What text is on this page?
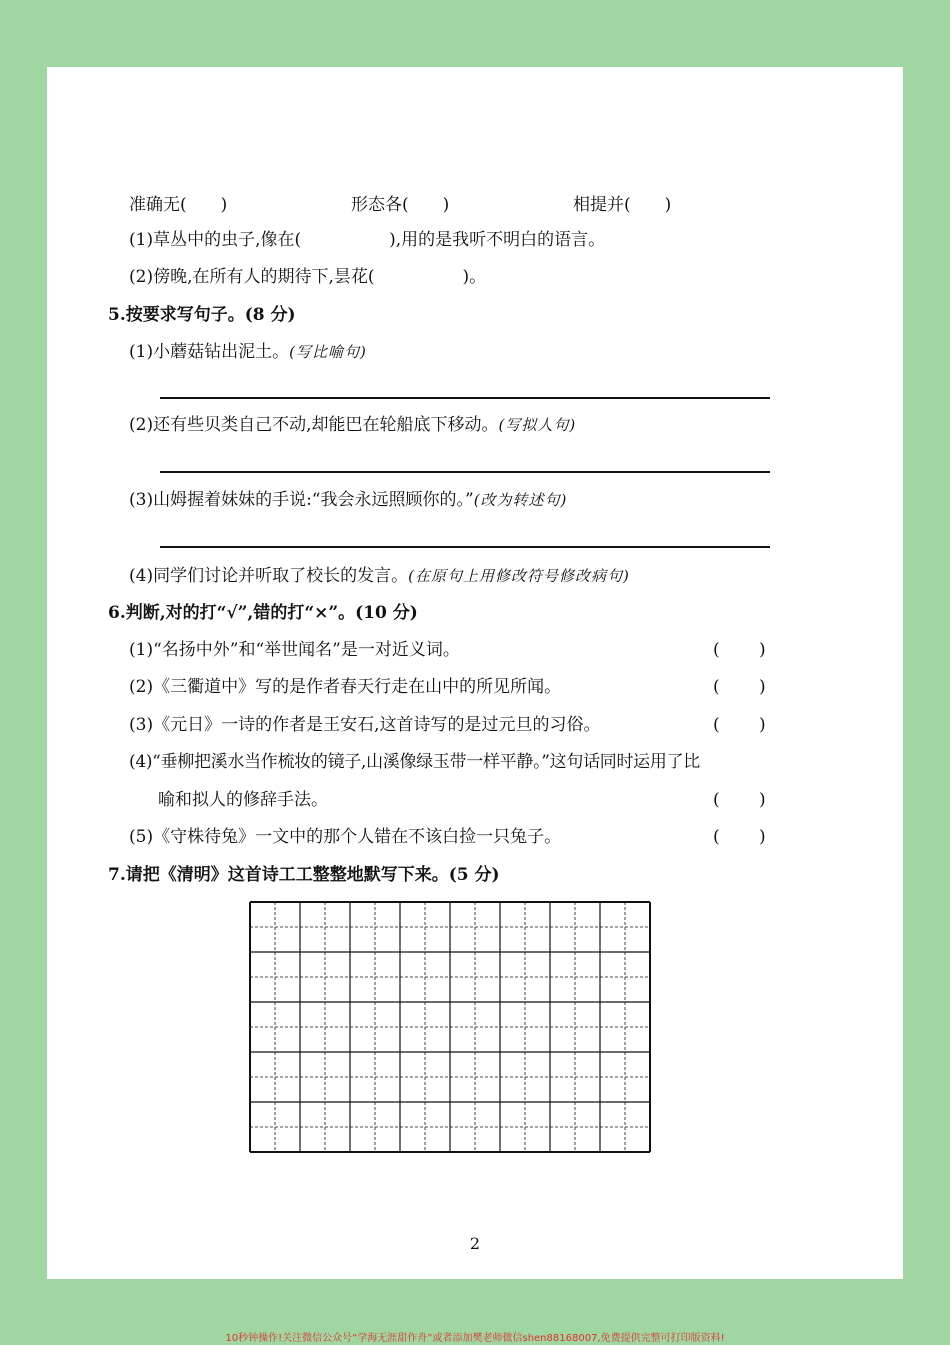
准确无( )	形态各( )	相提并( )
(1)草丛中的虫子,像在(	),用的是我听不明白的语言。
(2)傍晚,在所有人的期待下,昙花(	)。
5.按要求写句子。(8 分)
(1)小蘑菇钻出泥土。(写比喻句)
(2)还有些贝类自己不动,却能巴在轮船底下移动。(写拟人句)
(3)山姆握着妹妹的手说:“我会永远照顾你的。”(改为转述句)
(4)同学们讨论并听取了校长的发言。(在原句上用修改符号修改病句)
6.判断,对的打“√”,错的打“×”。(10 分)
(1)“名扬中外”和“举世闻名”是一对近义词。	( )
(2)《三衢道中》写的是作者春天行走在山中的所见所闻。	( )
(3)《元日》一诗的作者是王安石,这首诗写的是过元旦的习俗。	( )
(4)“垂柳把溪水当作梳妆的镜子,山溪像绿玉带一样平静。”这句话同时运用了比
喻和拟人的修辞手法。	( )
(5)《守株待兔》一文中的那个人错在不该白捡一只兔子。	( )
7.请把《清明》这首诗工工整整地默写下来。(5 分)
2
10秒钟操作!关注微信公众号“学海无涯甜作舟”或者添加樊老师微信shen88168007,免费提供完整可打印版资料!
